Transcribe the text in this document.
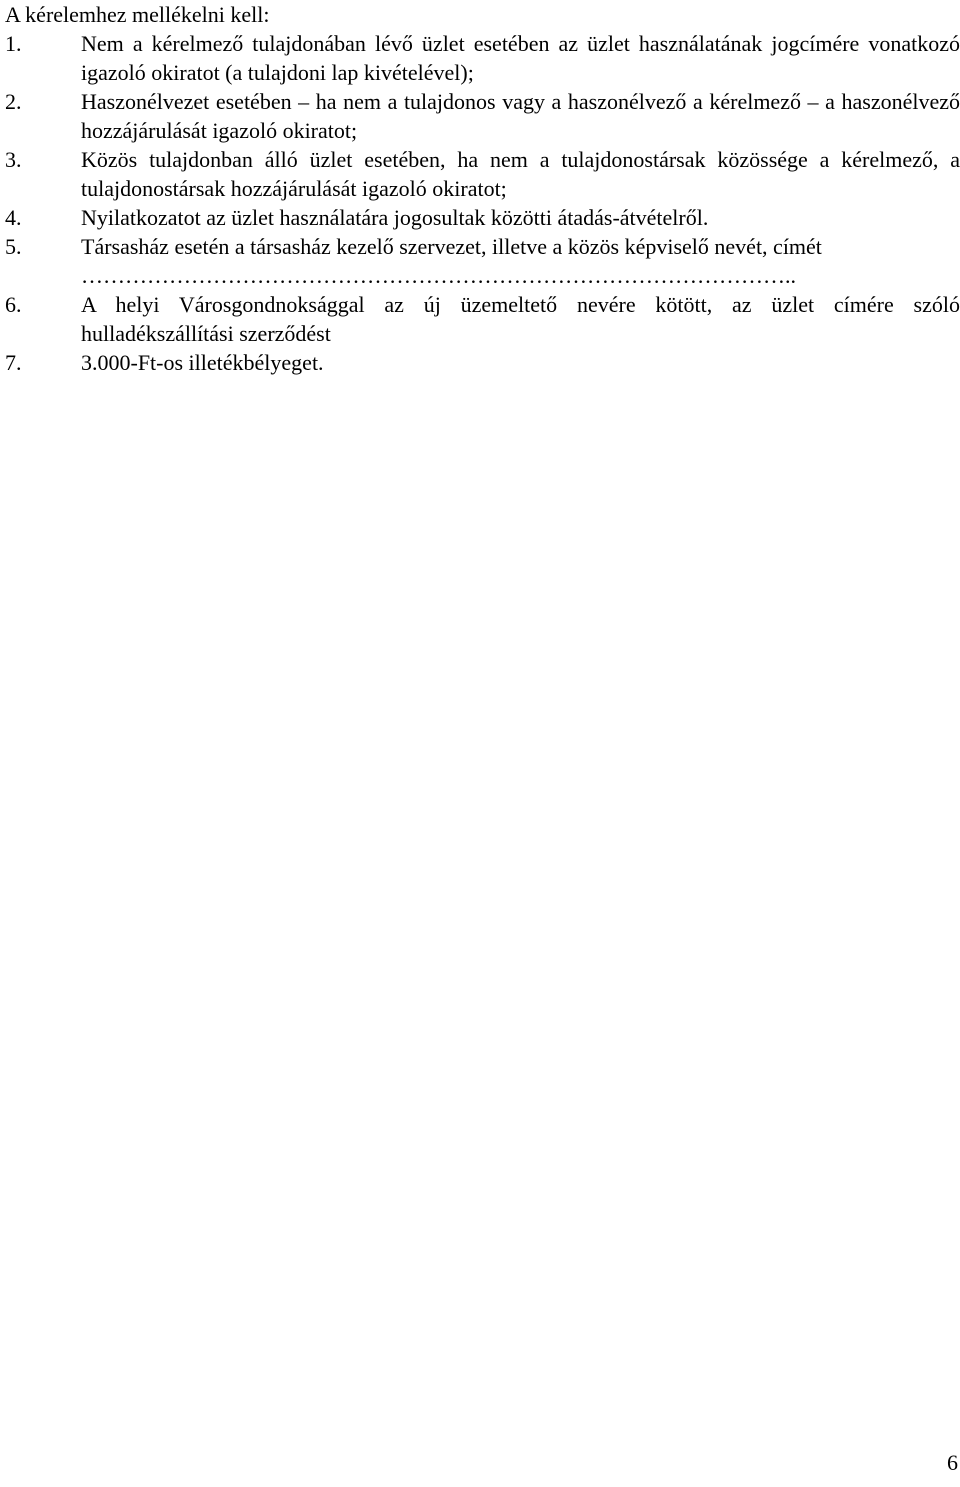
A kérelemhez mellékelni kell:

1.	Nem a kérelmező tulajdonában lévő üzlet esetében az üzlet használatának jogcímére vonatkozó igazoló okiratot (a tulajdoni lap kivételével);
2.	Haszonélvezet esetében – ha nem a tulajdonos vagy a haszonélvező a kérelmező – a haszonélvező hozzájárulását igazoló okiratot;
3.	Közös tulajdonban álló üzlet esetében, ha nem a tulajdonostársak közössége a kérelmező, a tulajdonostársak hozzájárulását igazoló okiratot;
4.	Nyilatkozatot az üzlet használatára jogosultak közötti átadás-átvételről.
5.	Társasház esetén a társasház kezelő szervezet, illetve a közös képviselő nevét, címét
……………………………………………………………………………………..
6.	A helyi Városgondnoksággal az új üzemeltető nevére kötött, az üzlet címére szóló hulladékszállítási szerződést
7.	3.000-Ft-os illetékbélyeget.
6
